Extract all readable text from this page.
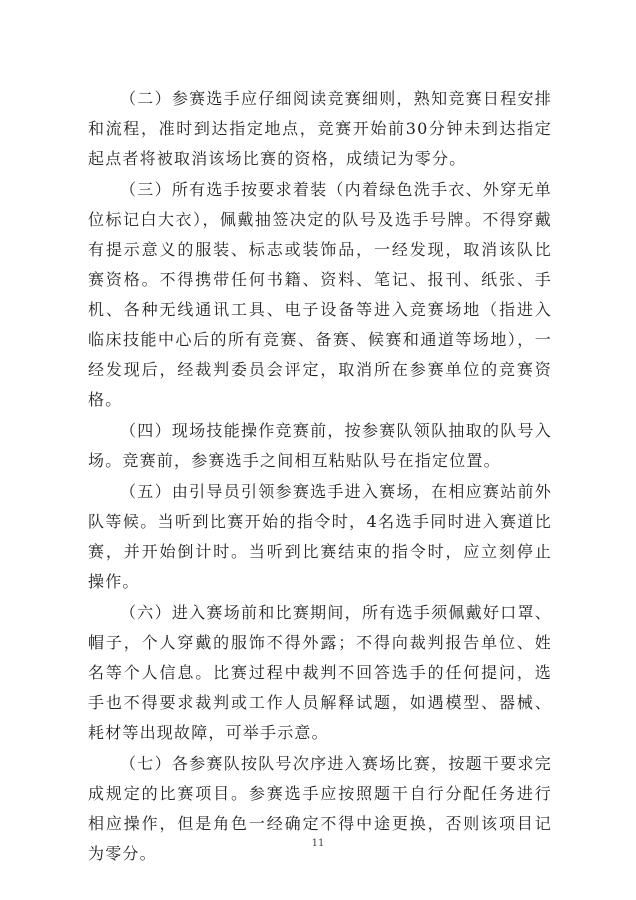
（二）参赛选手应仔细阅读竞赛细则，熟知竞赛日程安排和流程，准时到达指定地点，竞赛开始前30分钟未到达指定起点者将被取消该场比赛的资格，成绩记为零分。

（三）所有选手按要求着装（内着绿色洗手衣、外穿无单位标记白大衣），佩戴抽签决定的队号及选手号牌。不得穿戴有提示意义的服装、标志或装饰品，一经发现，取消该队比赛资格。不得携带任何书籍、资料、笔记、报刊、纸张、手机、各种无线通讯工具、电子设备等进入竞赛场地（指进入临床技能中心后的所有竞赛、备赛、候赛和通道等场地），一经发现后，经裁判委员会评定，取消所在参赛单位的竞赛资格。

（四）现场技能操作竞赛前，按参赛队领队抽取的队号入场。竞赛前，参赛选手之间相互粘贴队号在指定位置。

（五）由引导员引领参赛选手进入赛场，在相应赛站前外队等候。当听到比赛开始的指令时，4名选手同时进入赛道比赛，并开始倒计时。当听到比赛结束的指令时，应立刻停止操作。

（六）进入赛场前和比赛期间，所有选手须佩戴好口罩、帽子，个人穿戴的服饰不得外露；不得向裁判报告单位、姓名等个人信息。比赛过程中裁判不回答选手的任何提问，选手也不得要求裁判或工作人员解释试题，如遇模型、器械、耗材等出现故障，可举手示意。

（七）各参赛队按队号次序进入赛场比赛，按题干要求完成规定的比赛项目。参赛选手应按照题干自行分配任务进行相应操作，但是角色一经确定不得中途更换，否则该项目记为零分。

11
